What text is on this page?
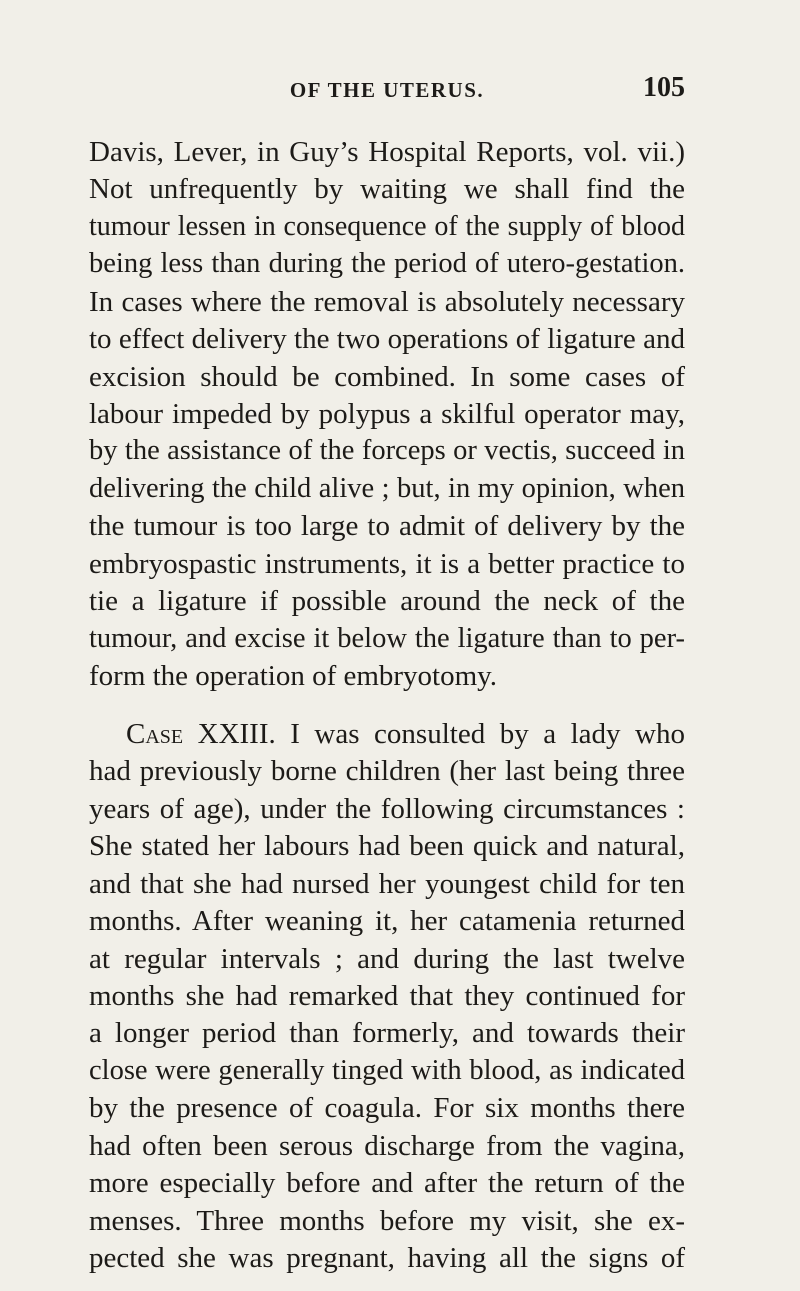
OF THE UTERUS.	105
Davis, Lever, in Guy’s Hospital Reports, vol. vii.)
Not unfrequently by waiting we shall find the
tumour lessen in consequence of the supply of blood
being less than during the period of utero-gestation.
In cases where the removal is absolutely necessary
to effect delivery the two operations of ligature and
excision should be combined. In some cases of
labour impeded by polypus a skilful operator may,
by the assistance of the forceps or vectis, succeed in
delivering the child alive ; but, in my opinion, when
the tumour is too large to admit of delivery by the
embryospastic instruments, it is a better practice to
tie a ligature if possible around the neck of the
tumour, and excise it below the ligature than to per-
form the operation of embryotomy.
Case XXIII. I was consulted by a lady who
had previously borne children (her last being three
years of age), under the following circumstances :
She stated her labours had been quick and natural,
and that she had nursed her youngest child for ten
months. After weaning it, her catamenia returned
at regular intervals ; and during the last twelve
months she had remarked that they continued for
a longer period than formerly, and towards their
close were generally tinged with blood, as indicated
by the presence of coagula. For six months there
had often been serous discharge from the vagina,
more especially before and after the return of the
menses. Three months before my visit, she ex-
pected she was pregnant, having all the signs of
